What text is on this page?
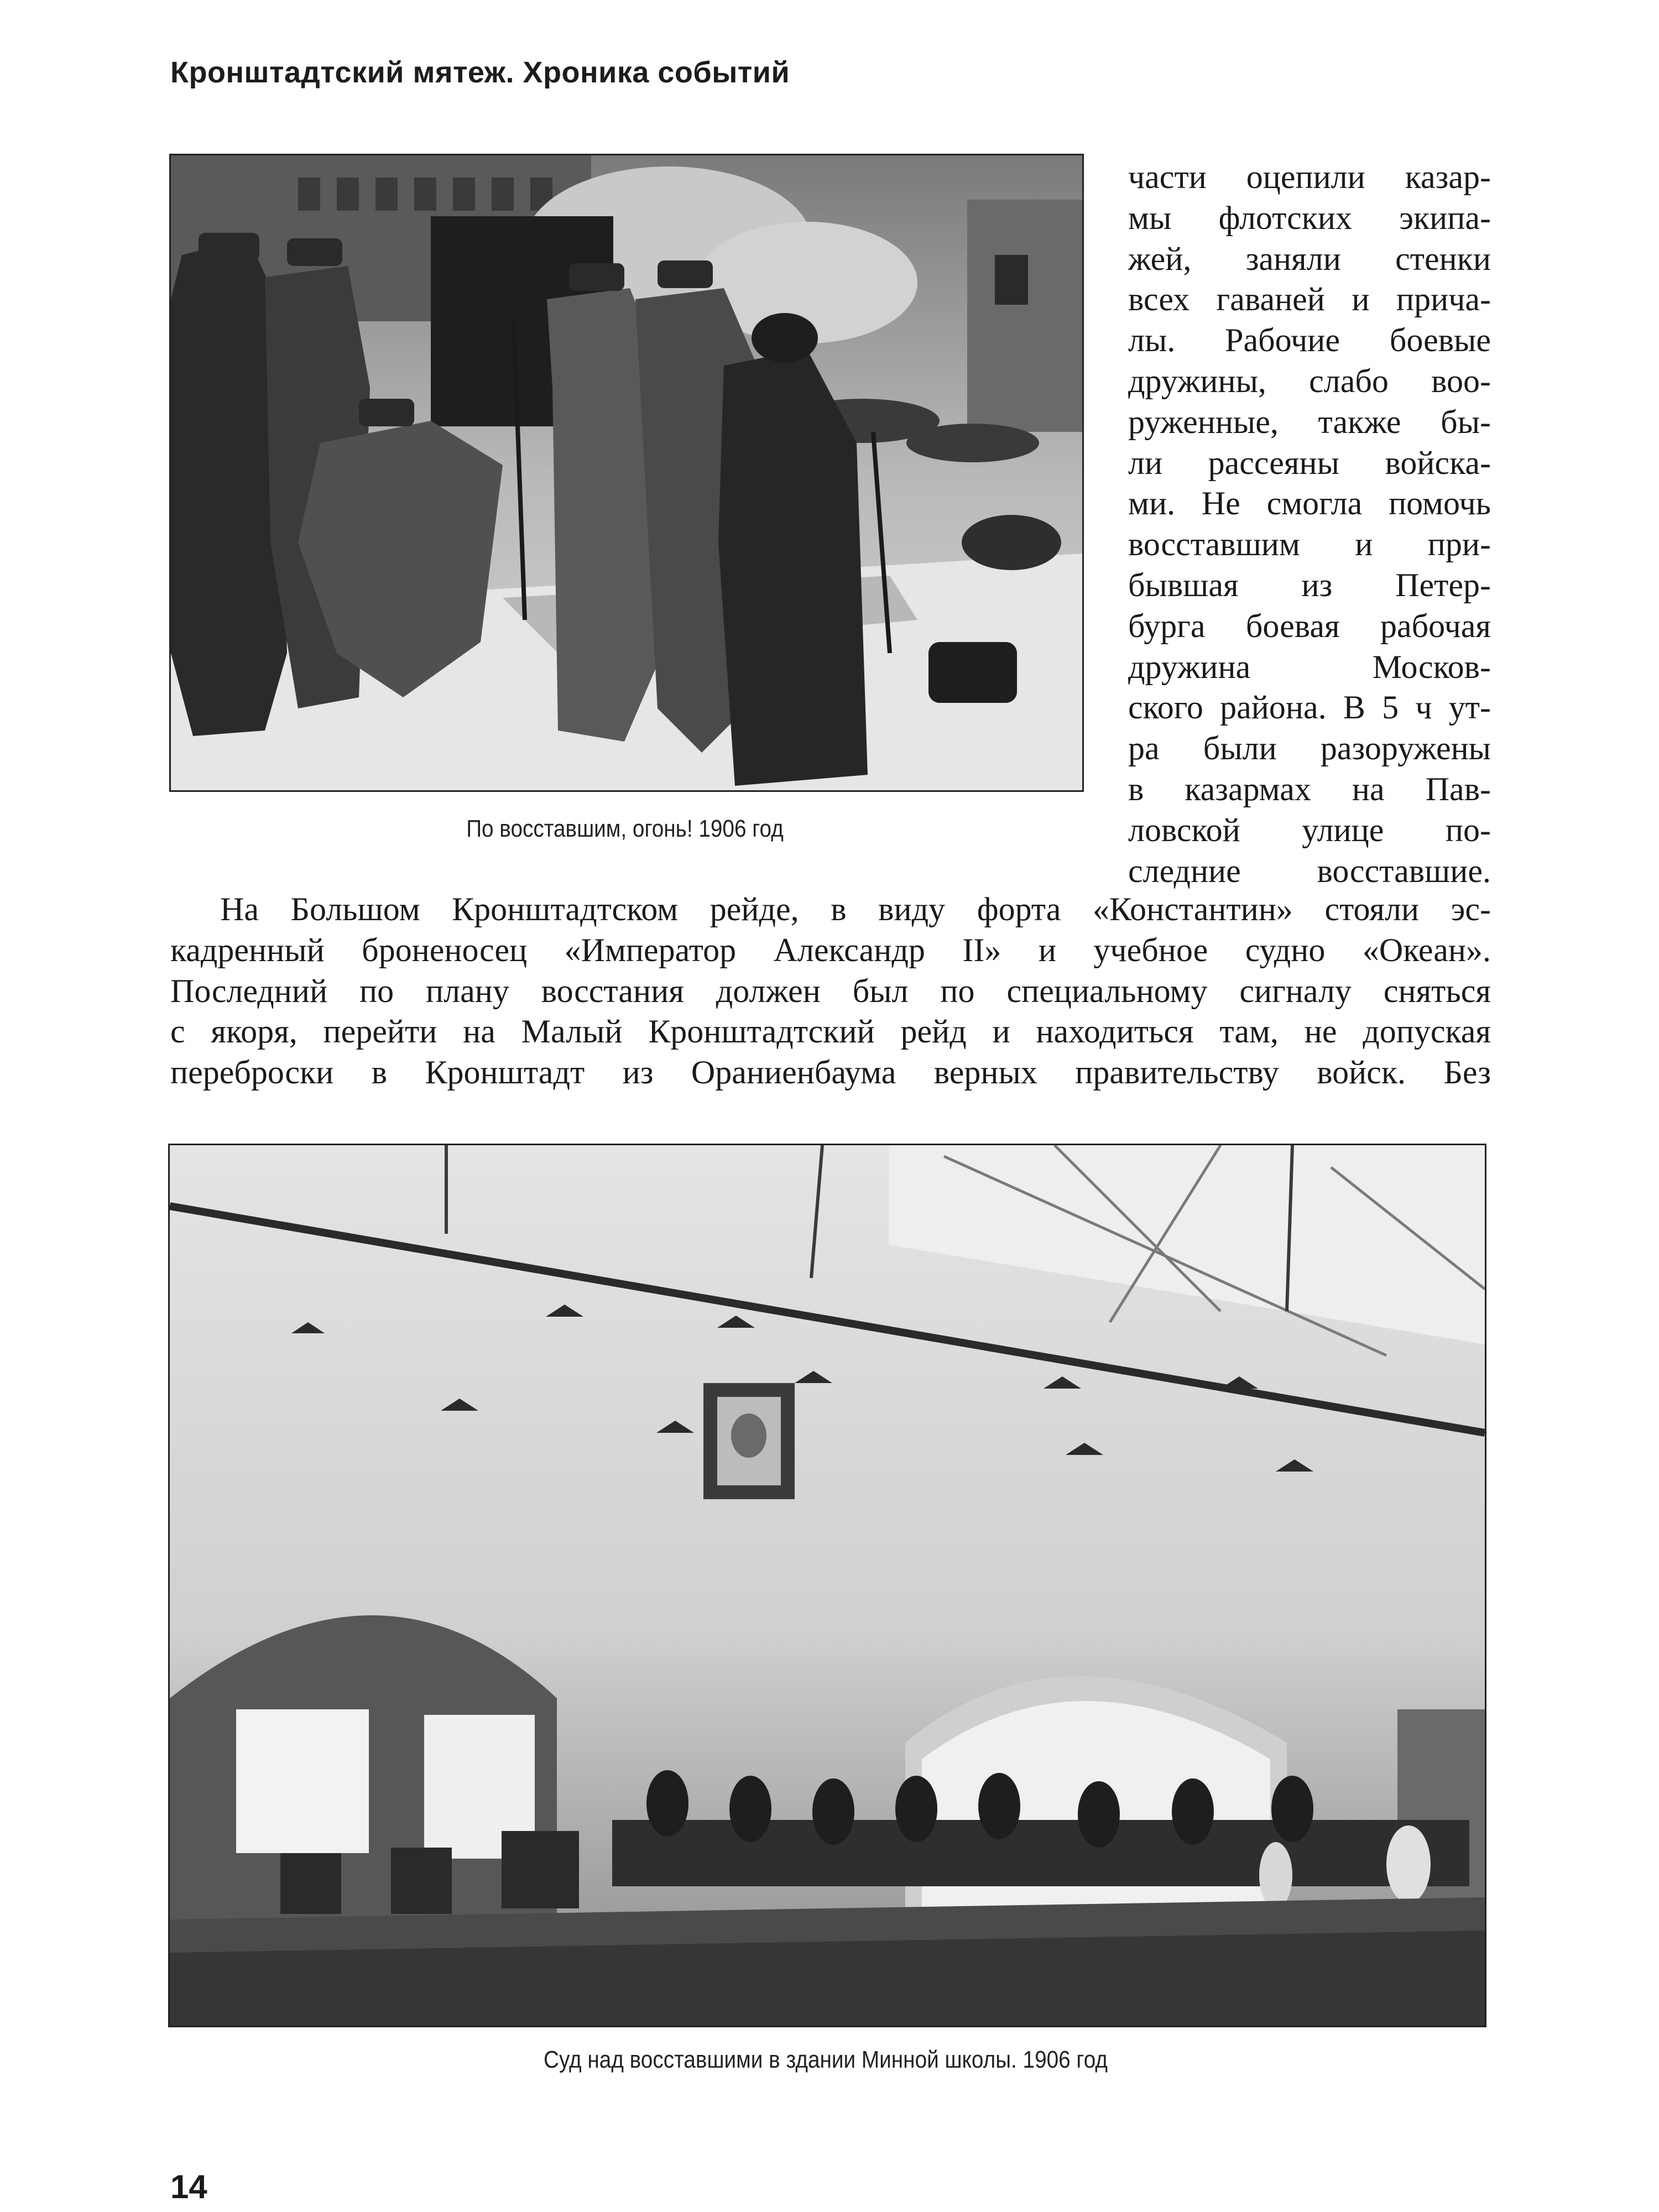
Кронштадтский мятеж. Хроника событий
По восставшим, огонь! 1906 год
части оцепили казар-
мы флотских экипа-
жей, заняли стенки
всех гаваней и прича-
лы. Рабочие боевые
дружины, слабо воо-
руженные, также бы-
ли рассеяны войска-
ми. Не смогла помочь
восставшим и при-
бывшая из Петер-
бурга боевая рабочая
дружина Москов-
ского района. В 5 ч ут-
ра были разоружены
в казармах на Пав-
ловской улице по-
следние восставшие.
На Большом Кронштадтском рейде, в виду форта «Константин» стояли эс-
кадренный броненосец «Император Александр II» и учебное судно «Океан».
Последний по плану восстания должен был по специальному сигналу сняться
с якоря, перейти на Малый Кронштадтский рейд и находиться там, не допуская
переброски в Кронштадт из Ораниенбаума верных правительству войск. Без
Суд над восставшими в здании Минной школы. 1906 год
14
